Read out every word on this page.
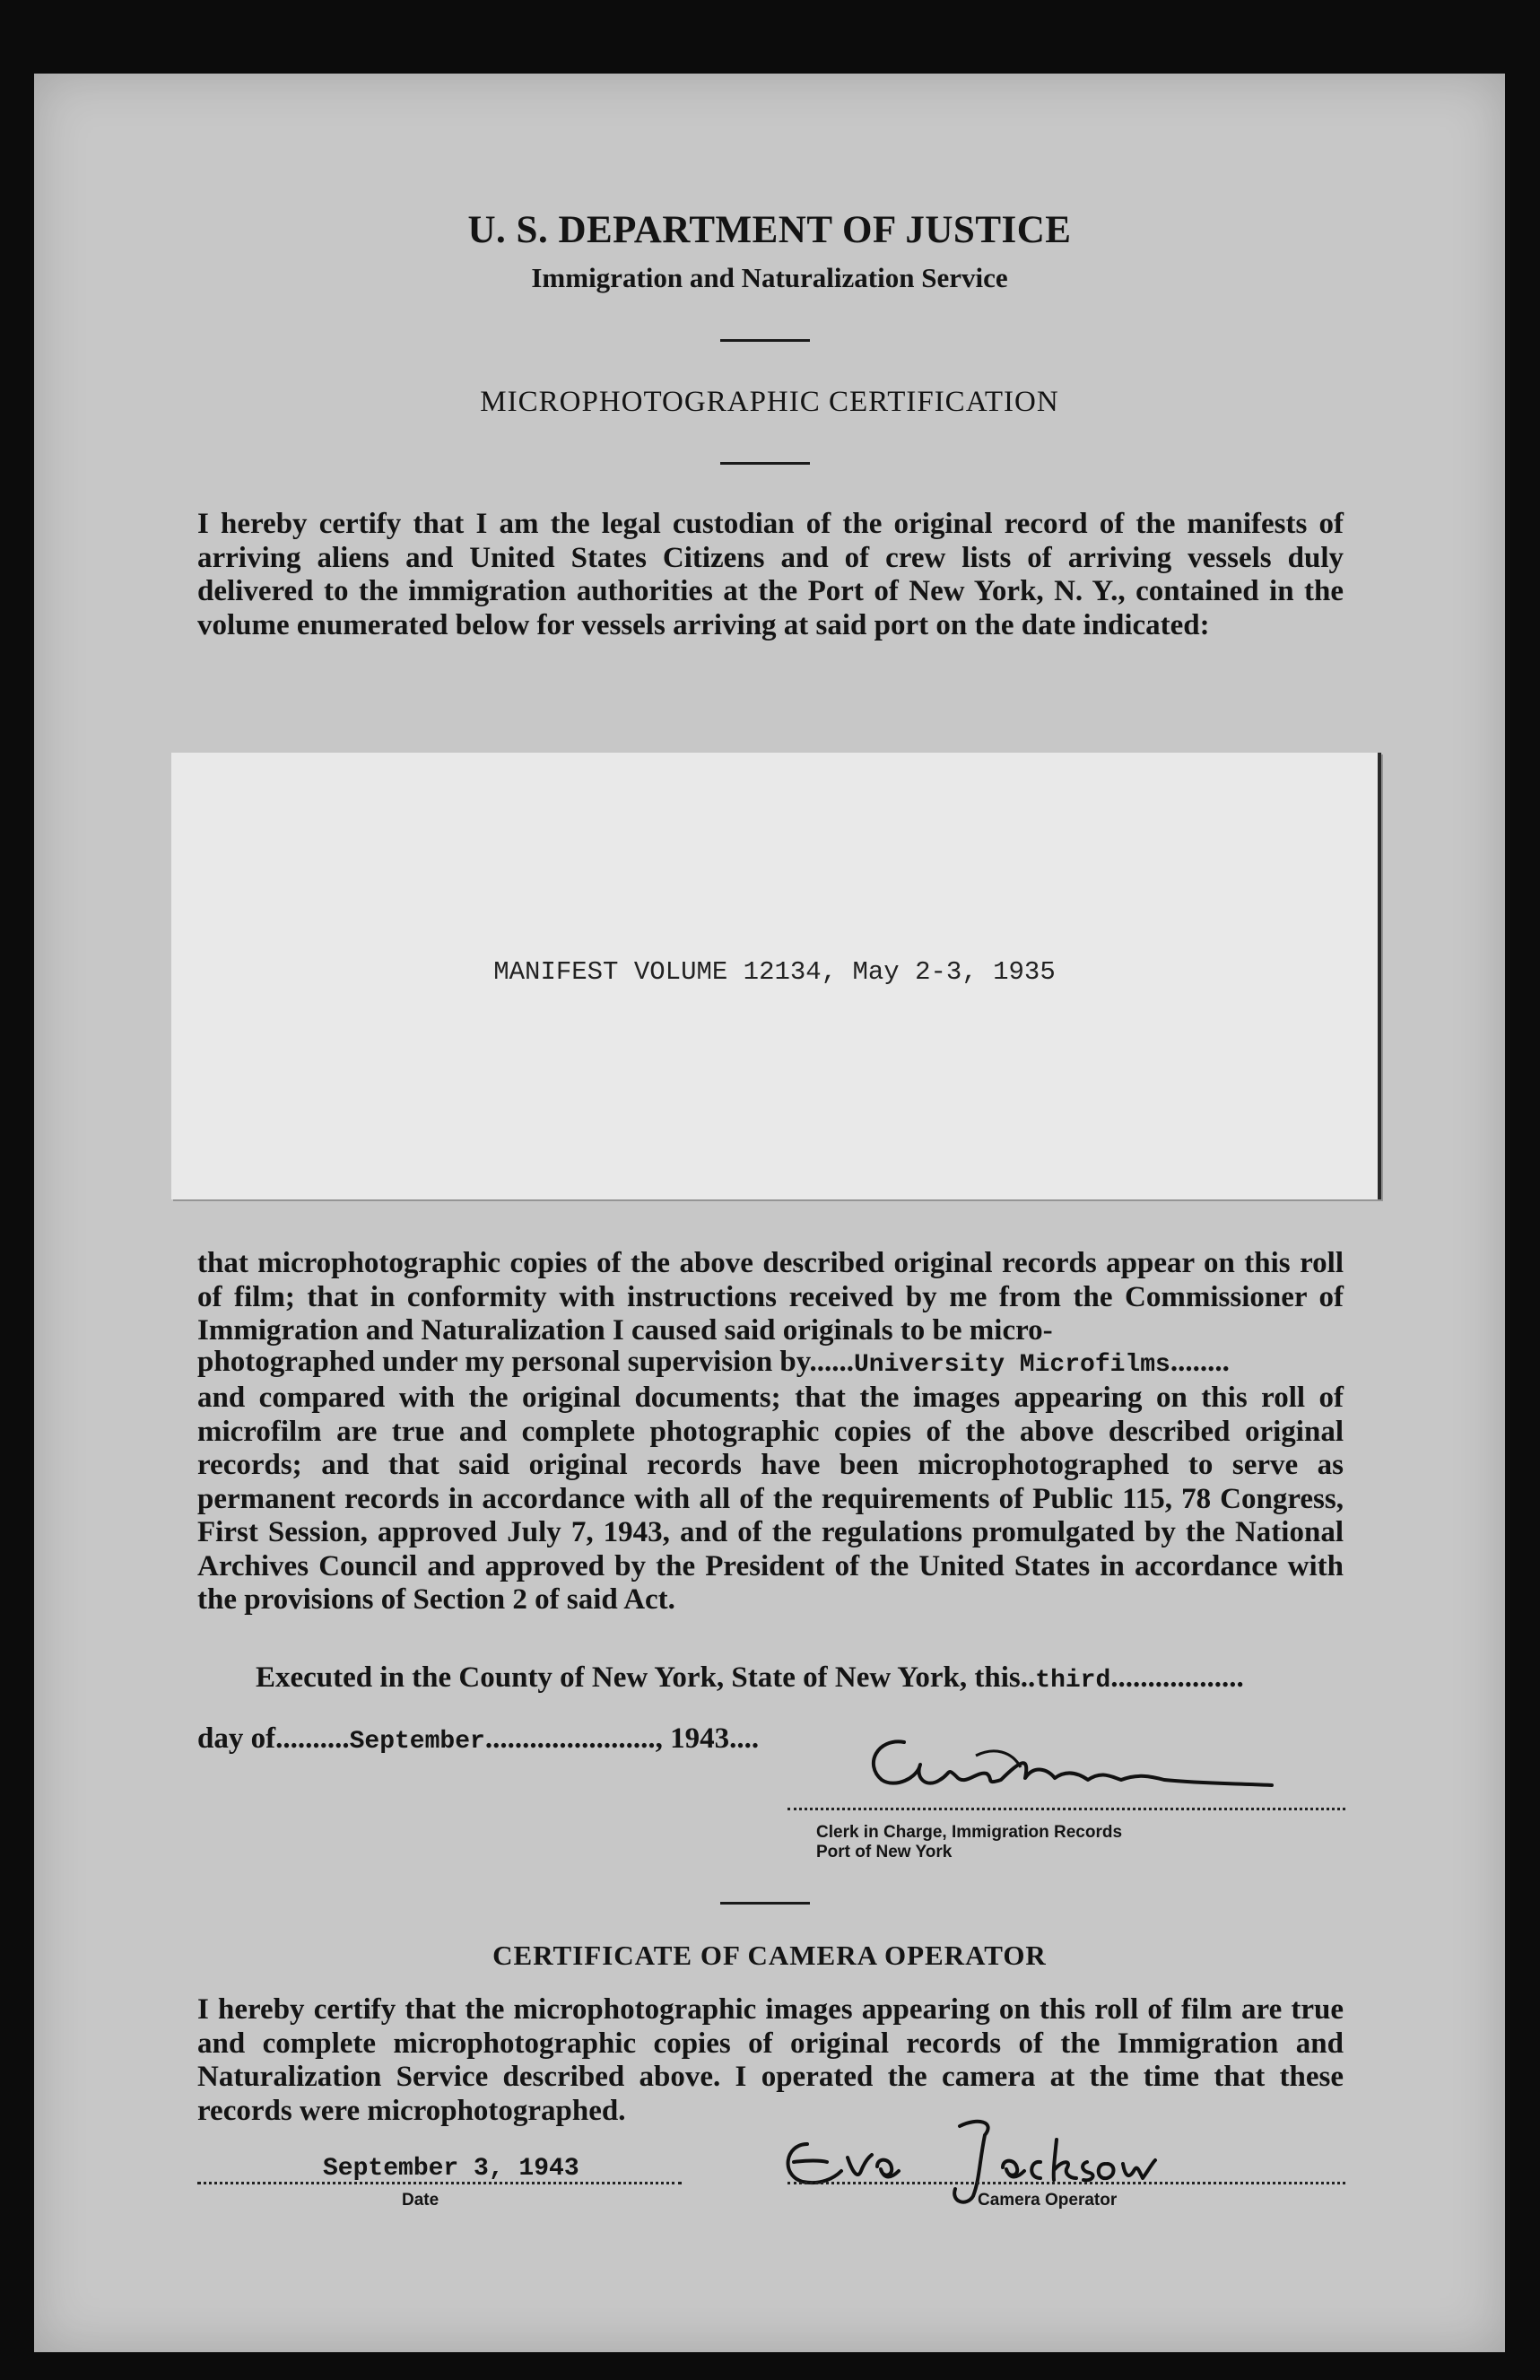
U. S. DEPARTMENT OF JUSTICE
Immigration and Naturalization Service
MICROPHOTOGRAPHIC CERTIFICATION
I hereby certify that I am the legal custodian of the original record of the manifests of arriving aliens and United States Citizens and of crew lists of arriving vessels duly delivered to the immigration authorities at the Port of New York, N. Y., contained in the volume enumerated below for vessels arriving at said port on the date indicated:
MANIFEST VOLUME 12134, May 2-3, 1935
that microphotographic copies of the above described original records appear on this roll of film; that in conformity with instructions received by me from the Commissioner of Immigration and Naturalization I caused said originals to be micro-
photographed under my personal supervision by......University Microfilms........
and compared with the original documents; that the images appearing on this roll of microfilm are true and complete photographic copies of the above described original records; and that said original records have been microphotographed to serve as permanent records in accordance with all of the requirements of Public 115, 78 Congress, First Session, approved July 7, 1943, and of the regulations promulgated by the National Archives Council and approved by the President of the United States in accordance with the provisions of Section 2 of said Act.
Executed in the County of New York, State of New York, this..third..................
day of..........September......................., 1943....
Clerk in Charge, Immigration Records
Port of New York
CERTIFICATE OF CAMERA OPERATOR
I hereby certify that the microphotographic images appearing on this roll of film are true and complete microphotographic copies of original records of the Immigration and Naturalization Service described above. I operated the camera at the time that these records were microphotographed.
September 3, 1943
Date	Camera Operator
